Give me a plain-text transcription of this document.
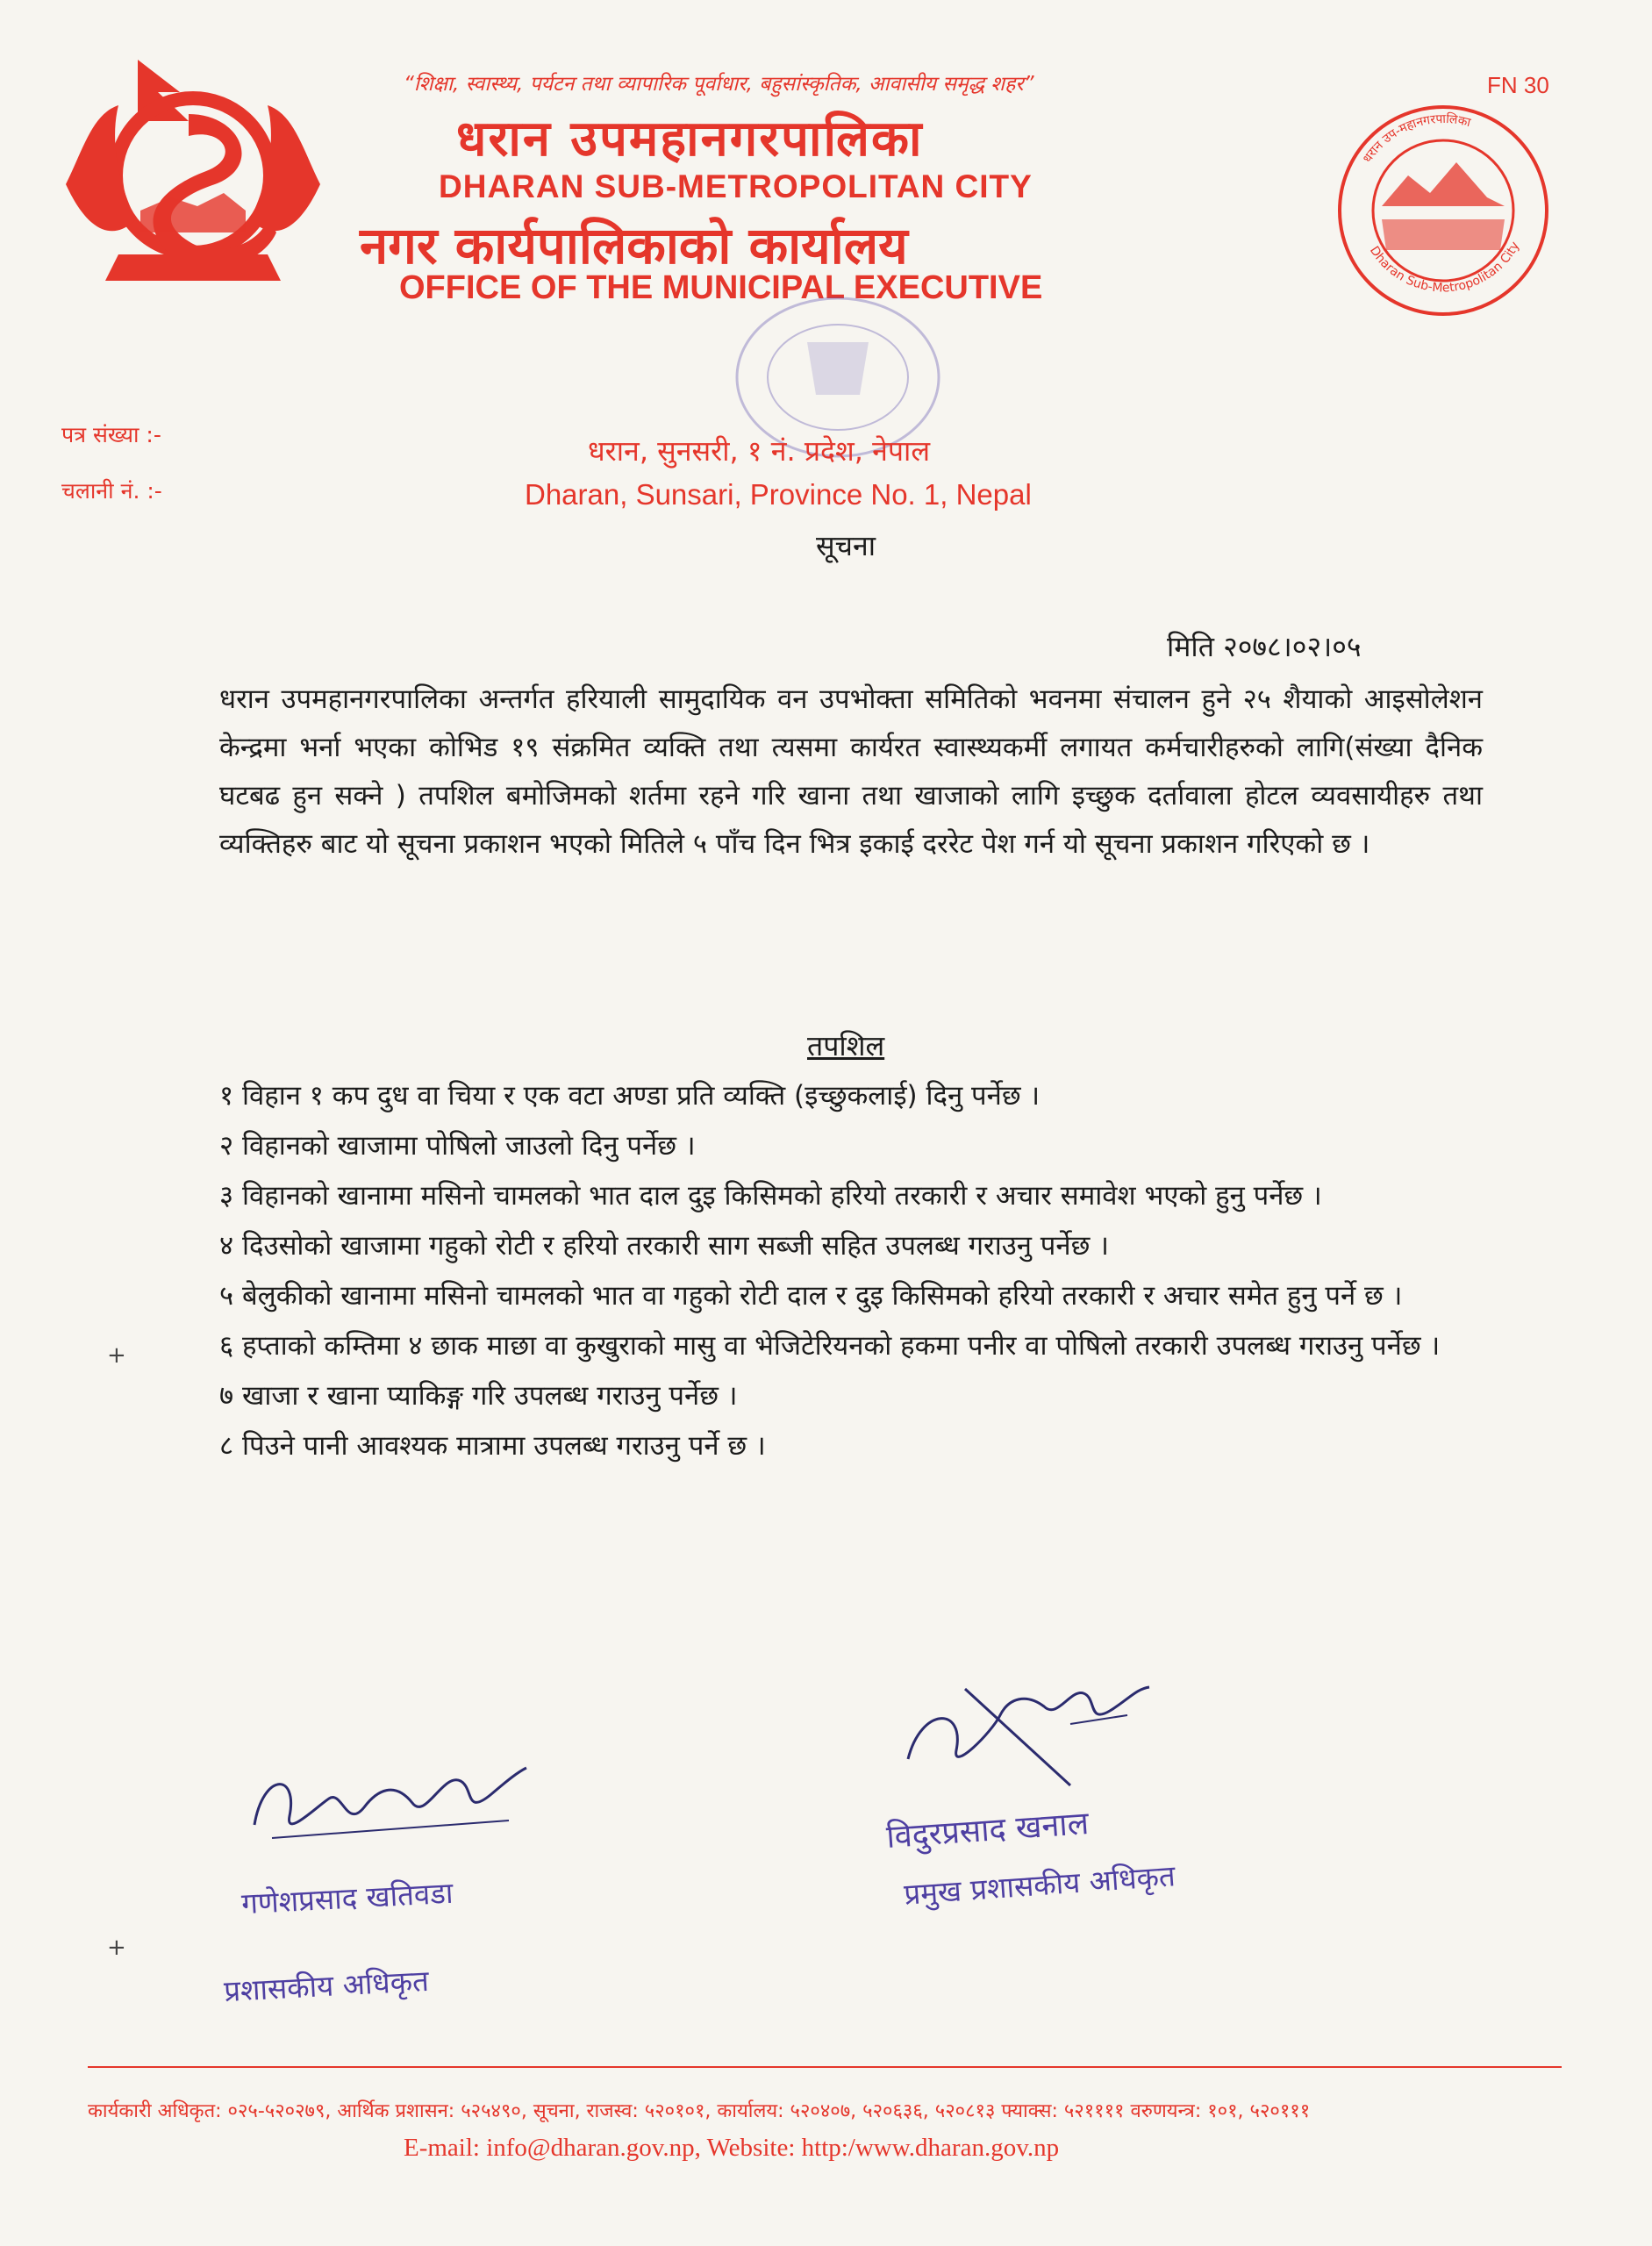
“शिक्षा, स्वास्थ्य, पर्यटन तथा व्यापारिक पूर्वाधार, बहुसांस्कृतिक, आवासीय समृद्ध शहर”
धरान उपमहानगरपालिका
DHARAN SUB-METROPOLITAN CITY
नगर कार्यपालिकाको कार्यालय
OFFICE OF THE MUNICIPAL EXECUTIVE
FN 30
धरान उप-महानगरपालिका
Dharan Sub-Metropolitan City
पत्र संख्या :-
चलानी नं. :-
धरान, सुनसरी, १ नं. प्रदेश, नेपाल
Dharan, Sunsari, Province No. 1, Nepal
सूचना
मिति २०७८।०२।०५
धरान उपमहानगरपालिका अन्तर्गत हरियाली सामुदायिक वन उपभोक्ता समितिको भवनमा संचालन हुने २५ शैयाको आइसोलेशन केन्द्रमा भर्ना भएका कोभिड १९ संक्रमित व्यक्ति तथा त्यसमा कार्यरत स्वास्थ्यकर्मी लगायत कर्मचारीहरुको लागि(संख्या दैनिक घटबढ हुन सक्ने ) तपशिल बमोजिमको शर्तमा रहने गरि खाना तथा खाजाको लागि इच्छुक दर्तावाला होटल व्यवसायीहरु तथा व्यक्तिहरु बाट यो सूचना प्रकाशन भएको मितिले ५ पाँच दिन भित्र इकाई दररेट पेश गर्न यो सूचना प्रकाशन गरिएको छ ।
तपशिल
१ विहान १ कप दुध वा चिया र एक वटा अण्डा प्रति व्यक्ति (इच्छुकलाई) दिनु पर्नेछ ।
२ विहानको खाजामा पोषिलो जाउलो दिनु पर्नेछ ।
३ विहानको खानामा मसिनो चामलको भात दाल दुइ किसिमको हरियो तरकारी र अचार समावेश भएको हुनु पर्नेछ ।
४ दिउसोको खाजामा गहुको रोटी र हरियो तरकारी साग सब्जी सहित उपलब्ध गराउनु पर्नेछ ।
५ बेलुकीको खानामा मसिनो चामलको भात वा गहुको रोटी दाल र दुइ किसिमको हरियो तरकारी र अचार समेत हुनु पर्ने छ ।
६ हप्ताको कम्तिमा ४ छाक माछा वा कुखुराको मासु वा भेजिटेरियनको हकमा पनीर वा पोषिलो तरकारी उपलब्ध गराउनु पर्नेछ ।
७ खाजा र खाना प्याकिङ्ग गरि उपलब्ध गराउनु पर्नेछ ।
८ पिउने पानी आवश्यक मात्रामा उपलब्ध गराउनु पर्ने छ ।
+
+
गणेशप्रसाद खतिवडा
प्रशासकीय अधिकृत
विदुरप्रसाद खनाल
प्रमुख प्रशासकीय अधिकृत
कार्यकारी अधिकृत: ०२५-५२०२७९, आर्थिक प्रशासन: ५२५४९०, सूचना, राजस्व: ५२०१०१, कार्यालय: ५२०४०७, ५२०६३६, ५२०८१३ फ्याक्स: ५२११११ वरुणयन्त्र: १०१, ५२०१११
E-mail: info@dharan.gov.np, Website: http:/www.dharan.gov.np
